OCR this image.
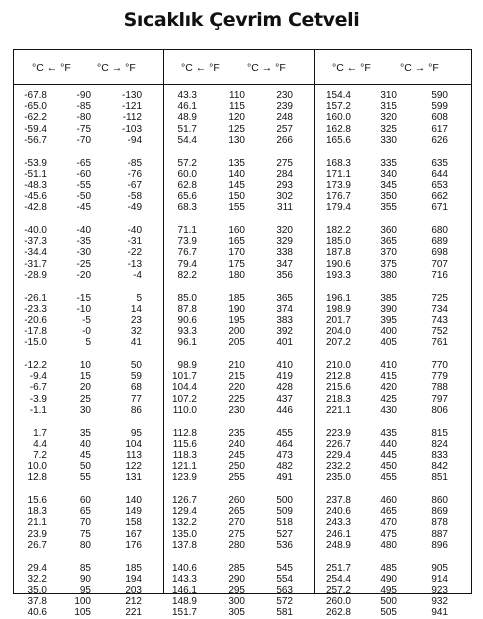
Sıcaklık Çevrim Cetveli
°C ← °F	°C → °F	°C ← °F	°C → °F	°C ← °F	°C → °F
-67.8	-90	-130
-65.0	-85	-121
-62.2	-80	-112
-59.4	-75	-103
-56.7	-70	-94
-53.9	-65	-85
-51.1	-60	-76
-48.3	-55	-67
-45.6	-50	-58
-42.8	-45	-49
-40.0	-40	-40
-37.3	-35	-31
-34.4	-30	-22
-31.7	-25	-13
-28.9	-20	-4
-26.1	-15	5
-23.3	-10	14
-20.6	-5	23
-17.8	-0	32
-15.0	5	41
-12.2	10	50
-9.4	15	59
-6.7	20	68
-3.9	25	77
-1.1	30	86
1.7	35	95
4.4	40	104
7.2	45	113
10.0	50	122
12.8	55	131
15.6	60	140
18.3	65	149
21.1	70	158
23.9	75	167
26.7	80	176
29.4	85	185
32.2	90	194
35.0	95	203
37.8	100	212
40.6	105	221
43.3	110	230
46.1	115	239
48.9	120	248
51.7	125	257
54.4	130	266
57.2	135	275
60.0	140	284
62.8	145	293
65.6	150	302
68.3	155	311
71.1	160	320
73.9	165	329
76.7	170	338
79.4	175	347
82.2	180	356
85.0	185	365
87.8	190	374
90.6	195	383
93.3	200	392
96.1	205	401
98.9	210	410
101.7	215	419
104.4	220	428
107.2	225	437
110.0	230	446
112.8	235	455
115.6	240	464
118.3	245	473
121.1	250	482
123.9	255	491
126.7	260	500
129.4	265	509
132.2	270	518
135.0	275	527
137.8	280	536
140.6	285	545
143.3	290	554
146.1	295	563
148.9	300	572
151.7	305	581
154.4	310	590
157.2	315	599
160.0	320	608
162.8	325	617
165.6	330	626
168.3	335	635
171.1	340	644
173.9	345	653
176.7	350	662
179.4	355	671
182.2	360	680
185.0	365	689
187.8	370	698
190.6	375	707
193.3	380	716
196.1	385	725
198.9	390	734
201.7	395	743
204.0	400	752
207.2	405	761
210.0	410	770
212.8	415	779
215.6	420	788
218.3	425	797
221.1	430	806
223.9	435	815
226.7	440	824
229.4	445	833
232.2	450	842
235.0	455	851
237.8	460	860
240.6	465	869
243.3	470	878
246.1	475	887
248.9	480	896
251.7	485	905
254.4	490	914
257.2	495	923
260.0	500	932
262.8	505	941
